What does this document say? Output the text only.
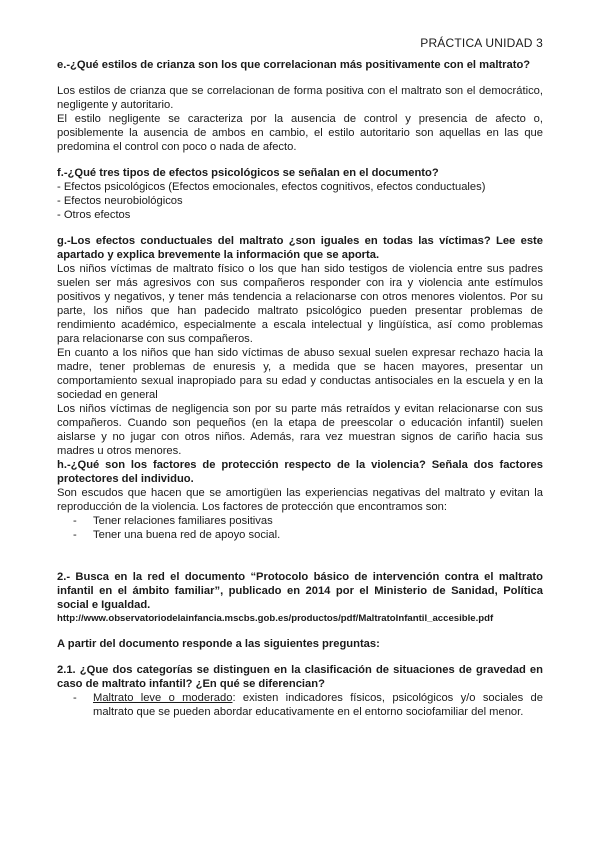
PRÁCTICA UNIDAD 3

e.-¿Qué estilos de crianza son los que correlacionan más positivamente con el maltrato?

Los estilos de crianza que se correlacionan de forma positiva con el maltrato son el democrático, negligente y autoritario.

El estilo negligente se caracteriza por la ausencia de control y presencia de afecto o, posiblemente la ausencia de ambos en cambio, el estilo autoritario son aquellas en las que predomina el control con poco o nada de afecto.

f.-¿Qué tres tipos de efectos psicológicos se señalan en el documento?

- Efectos psicológicos (Efectos emocionales, efectos cognitivos, efectos conductuales)

- Efectos neurobiológicos

- Otros efectos

g.-Los efectos conductuales del maltrato ¿son iguales en todas las víctimas? Lee este apartado y explica brevemente la información que se aporta.

Los niños víctimas de maltrato físico o los que han sido testigos de violencia entre sus padres suelen ser más agresivos con sus compañeros responder con ira y violencia ante estímulos positivos y negativos, y tener más tendencia a relacionarse con otros menores violentos. Por su parte, los niños que han padecido maltrato psicológico pueden presentar problemas de rendimiento académico, especialmente a escala intelectual y lingüística, así como problemas para relacionarse con sus compañeros.

En cuanto a los niños que han sido víctimas de abuso sexual suelen expresar rechazo hacia la madre, tener problemas de enuresis y, a medida que se hacen mayores, presentar un comportamiento sexual inapropiado para su edad y conductas antisociales en la escuela y en la sociedad en general

Los niños víctimas de negligencia son por su parte más retraídos y evitan relacionarse con sus compañeros. Cuando son pequeños (en la etapa de preescolar o educación infantil) suelen aislarse y no jugar con otros niños. Además, rara vez muestran signos de cariño hacia sus madres u otros menores.

h.-¿Qué son los factores de protección respecto de la violencia? Señala dos factores protectores del individuo.

Son escudos que hacen que se amortigüen las experiencias negativas del maltrato y evitan la reproducción de la violencia. Los factores de protección que encontramos son:

- Tener relaciones familiares positivas
- Tener una buena red de apoyo social.

2.- Busca en la red el documento “Protocolo básico de intervención contra el maltrato infantil en el ámbito familiar”, publicado en 2014 por el Ministerio de Sanidad, Política social e Igualdad.

http://www.observatoriodelainfancia.mscbs.gob.es/productos/pdf/MaltratoInfantil_accesible.pdf

A partir del documento responde a las siguientes preguntas:

2.1. ¿Que dos categorías se distinguen en la clasificación de situaciones de gravedad en caso de maltrato infantil? ¿En qué se diferencian?

- Maltrato leve o moderado: existen indicadores físicos, psicológicos y/o sociales de maltrato que se pueden abordar educativamente en el entorno sociofamiliar del menor.
